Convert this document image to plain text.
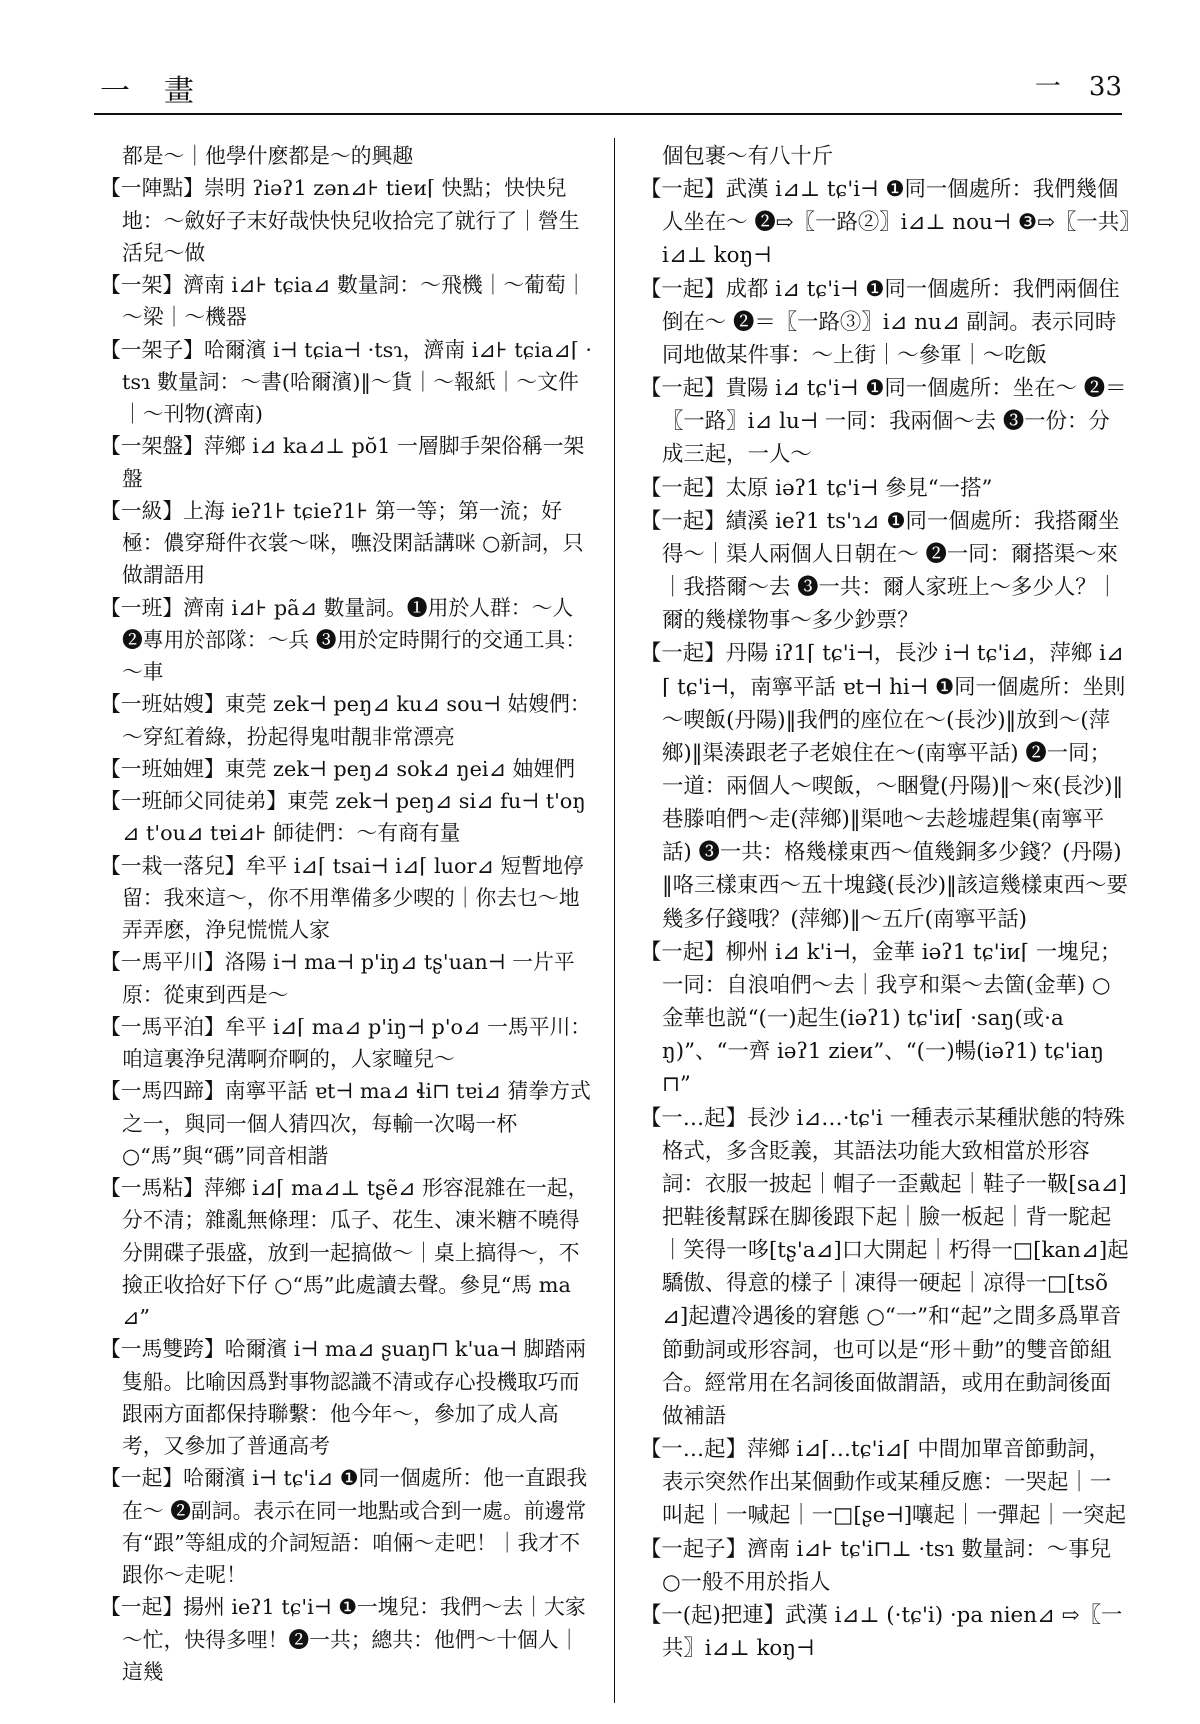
一畫	一 33

都是～｜他學什麽都是～的興趣

【一陣點】崇明 ʔiəʔ1 zən⊿⊦ tieᴎ⌈ 快點；快快兒地：～斂好子末好哉快快兒收拾完了就行了｜營生活兒～做

【一架】濟南 i⊿⊦ tɕia⊿ 數量詞：～飛機｜～葡萄｜～梁｜～機器

【一架子】哈爾濱 i⊣ tɕia⊣ ·tsɿ，濟南 i⊿⊦ tɕia⊿⌈ ·tsɿ 數量詞：～書(哈爾濱)‖～貨｜～報紙｜～文件｜～刊物(濟南)

【一架盤】萍鄉 i⊿ ka⊿⊥ pŏ1 一層脚手架俗稱一架盤

【一級】上海 ieʔ1⊦ tɕieʔ1⊦ 第一等；第一流；好極：儂穿搿件衣裳～咪，嘸没閑話講咪 ○新詞，只做謂語用

【一班】濟南 i⊿⊦ pã⊿ 數量詞。❶用於人群：～人 ❷專用於部隊：～兵 ❸用於定時開行的交通工具：～車

【一班姑嫂】東莞 zek⊣ peŋ⊿ ku⊿ sou⊣ 姑嫂們：～穿紅着綠，扮起得鬼咁靚非常漂亮

【一班妯娌】東莞 zek⊣ peŋ⊿ sok⊿ ŋei⊿ 妯娌們

【一班師父同徒弟】東莞 zek⊣ peŋ⊿ si⊿ fu⊣ t'oŋ⊿ t'ou⊿ tɐi⊿⊦ 師徒們：～有商有量

【一栽一落兒】牟平 i⊿⌈ tsai⊣ i⊿⌈ luor⊿ 短暫地停留：我來這～，你不用準備多少喫的｜你去乜～地弄弄麽，浄兒慌慌人家

【一馬平川】洛陽 i⊣ ma⊣ p'iŋ⊿ tʂ'uan⊣ 一片平原：從東到西是～

【一馬平泊】牟平 i⊿⌈ ma⊿ p'iŋ⊣ p'o⊿ 一馬平川：咱這裏浄兒溝啊夼啊的，人家疃兒～

【一馬四蹄】南寧平話 ɐt⊣ ma⊿ ɬi⊓ tɐi⊿ 猜拳方式之一，與同一個人猜四次，每輸一次喝一杯 ○“馬”與“碼”同音相諧

【一馬粘】萍鄉 i⊿⌈ ma⊿⊥ tʂẽ⊿ 形容混雜在一起，分不清；雜亂無條理：瓜子、花生、凍米糖不曉得分開碟子張盛，放到一起搞做～｜桌上搞得～，不撿正收拾好下仔 ○“馬”此處讀去聲。參見“馬 ma⊿”

【一馬雙跨】哈爾濱 i⊣ ma⊿ ʂuaŋ⊓ k'ua⊣ 脚踏兩隻船。比喻因爲對事物認識不清或存心投機取巧而跟兩方面都保持聯繫：他今年～，參加了成人高考，又參加了普通高考

【一起】哈爾濱 i⊣ tɕ'i⊿ ❶同一個處所：他一直跟我在～ ❷副詞。表示在同一地點或合到一處。前邊常有“跟”等組成的介詞短語：咱倆～走吧！｜我才不跟你～走呢！

【一起】揚州 ieʔ1 tɕ'i⊣ ❶一塊兒：我們～去｜大家～忙，快得多哩！❷一共；總共：他們～十個人｜這幾

個包裹～有八十斤

【一起】武漢 i⊿⊥ tɕ'i⊣ ❶同一個處所：我們幾個人坐在～ ❷⇨〖一路②〗i⊿⊥ nou⊣ ❸⇨〖一共〗i⊿⊥ koŋ⊣

【一起】成都 i⊿ tɕ'i⊣ ❶同一個處所：我們兩個住倒在～ ❷＝〖一路③〗i⊿ nu⊿ 副詞。表示同時同地做某件事：～上街｜～參軍｜～吃飯

【一起】貴陽 i⊿ tɕ'i⊣ ❶同一個處所：坐在～ ❷＝〖一路〗i⊿ lu⊣ 一同：我兩個～去 ❸一份：分成三起，一人～

【一起】太原 iəʔ1 tɕ'i⊣ 參見“一搭”

【一起】績溪 ieʔ1 ts'ɿ⊿ ❶同一個處所：我搭爾坐得～｜渠人兩個人日朝在～ ❷一同：爾搭渠～來｜我搭爾～去 ❸一共：爾人家班上～多少人？｜爾的幾樣物事～多少鈔票？

【一起】丹陽 iʔ1⌈ tɕ'i⊣，長沙 i⊣ tɕ'i⊿，萍鄉 i⊿⌈ tɕ'i⊣，南寧平話 ɐt⊣ hi⊣ ❶同一個處所：坐則～喫飯(丹陽)‖我們的座位在～(長沙)‖放到～(萍鄉)‖渠湊跟老子老娘住在～(南寧平話) ❷一同；一道：兩個人～喫飯，～睏覺(丹陽)‖～來(長沙)‖巷滕咱們～走(萍鄉)‖渠吔～去趁墟趕集(南寧平話) ❸一共：格幾樣東西～值幾銅多少錢？(丹陽)‖咯三樣東西～五十塊錢(長沙)‖該這幾樣東西～要幾多仔錢哦？(萍鄉)‖～五斤(南寧平話)

【一起】柳州 i⊿ k'i⊣，金華 iəʔ1 tɕ'iᴎ⌈ 一塊兒；一同：自浪咱們～去｜我亨和渠～去箇(金華) ○金華也説“(一)起生(iəʔ1) tɕ'iᴎ⌈ ·saŋ(或·aŋ)”、“一齊 iəʔ1 zieᴎ”、“(一)暢(iəʔ1) tɕ'iaŋ⊓”

【一…起】長沙 i⊿…·tɕ'i 一種表示某種狀態的特殊格式，多含貶義，其語法功能大致相當於形容詞：衣服一披起｜帽子一歪戴起｜鞋子一靸[sa⊿]把鞋後幫踩在脚後跟下起｜臉一板起｜背一駝起｜笑得一哆[tʂ'a⊿]口大開起｜朽得一□[kan⊿]起驕傲、得意的樣子｜凍得一硬起｜凉得一□[tsõ⊿]起遭冷遇後的窘態 ○“一”和“起”之間多爲單音節動詞或形容詞，也可以是“形＋動”的雙音節組合。經常用在名詞後面做謂語，或用在動詞後面做補語

【一…起】萍鄉 i⊿⌈…tɕ'i⊿⌈ 中間加單音節動詞，表示突然作出某個動作或某種反應：一哭起｜一叫起｜一喊起｜一□[ʂe⊣]嚷起｜一彈起｜一突起

【一起子】濟南 i⊿⊦ tɕ'i⊓⊥ ·tsɿ 數量詞：～事兒 ○一般不用於指人

【一(起)把連】武漢 i⊿⊥ (·tɕ'i) ·pa nien⊿ ⇨〖一共〗i⊿⊥ koŋ⊣
